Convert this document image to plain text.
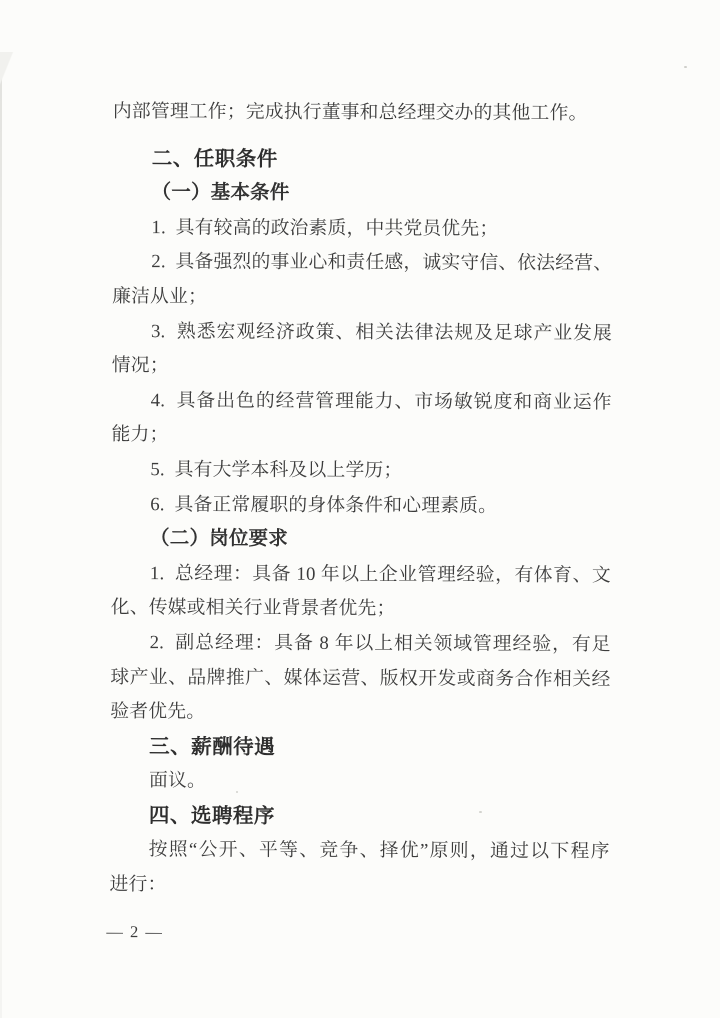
内部管理工作；完成执行董事和总经理交办的其他工作。
二、任职条件
（一）基本条件
1.  具有较高的政治素质，中共党员优先；
2.  具备强烈的事业心和责任感，诚实守信、依法经营、
廉洁从业；
3.  熟悉宏观经济政策、相关法律法规及足球产业发展
情况；
4.  具备出色的经营管理能力、市场敏锐度和商业运作
能力；
5.  具有大学本科及以上学历；
6.  具备正常履职的身体条件和心理素质。
（二）岗位要求
1.  总经理：具备 10 年以上企业管理经验，有体育、文
化、传媒或相关行业背景者优先；
2.  副总经理：具备 8 年以上相关领域管理经验，有足
球产业、品牌推广、媒体运营、版权开发或商务合作相关经
验者优先。
三、薪酬待遇
面议。
四、选聘程序
按照“公开、平等、竞争、择优”原则，通过以下程序
进行：
— 2 —
